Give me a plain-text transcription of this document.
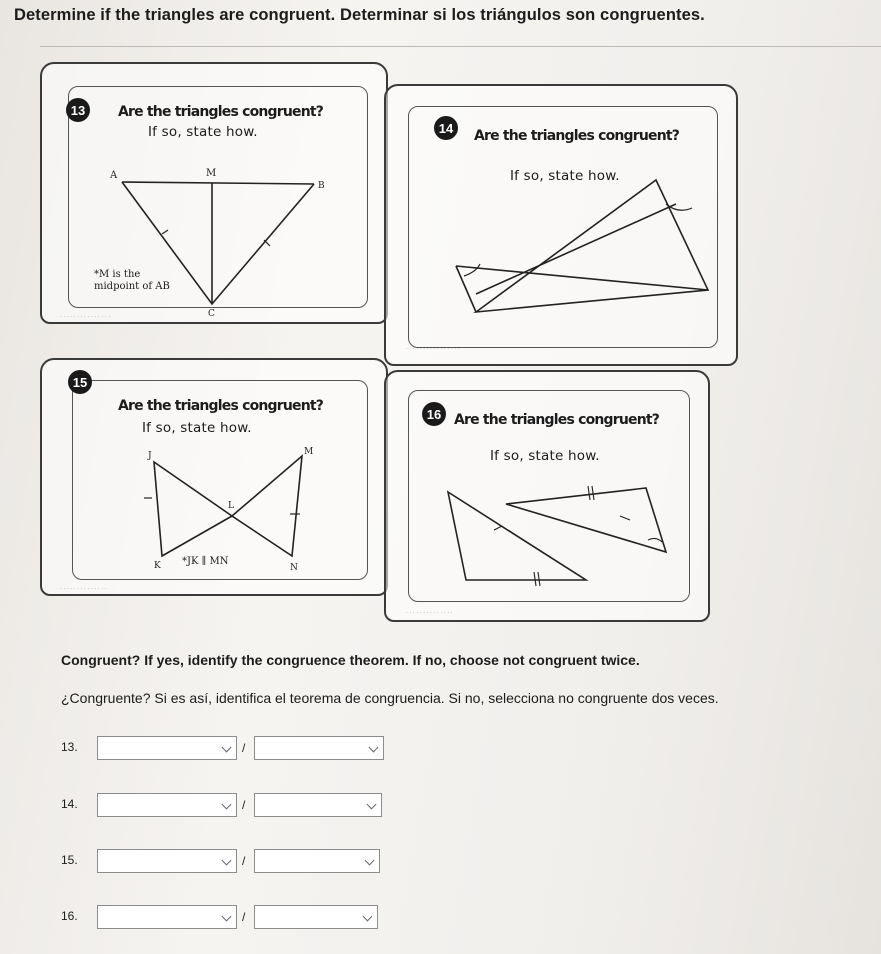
Determine if the triangles are congruent. Determinar si los triángulos son congruentes.
13	Are the triangles congruent?
If so, state how.
A	M
B
C
*M is the
midpoint of AB
· · · · · · · · · · · · · · ·
14	Are the triangles congruent?
If so, state how.
· · · · · · · · · · · · · · · ·
15
Are the triangles congruent?
If so, state how.
J	M
L
K	N
*JK ∥ MN
· · · · · · · · · · · · · ·
16 Are the triangles congruent?
If so, state how.
· · · · · · · · · · · · · ·

Congruent? If yes, identify the congruence theorem. If no, choose not congruent twice.

¿Congruente? Si es así, identifica el teorema de congruencia. Si no, selecciona no congruente dos veces.

13.	/
14.	/
15.	/
16.	/
